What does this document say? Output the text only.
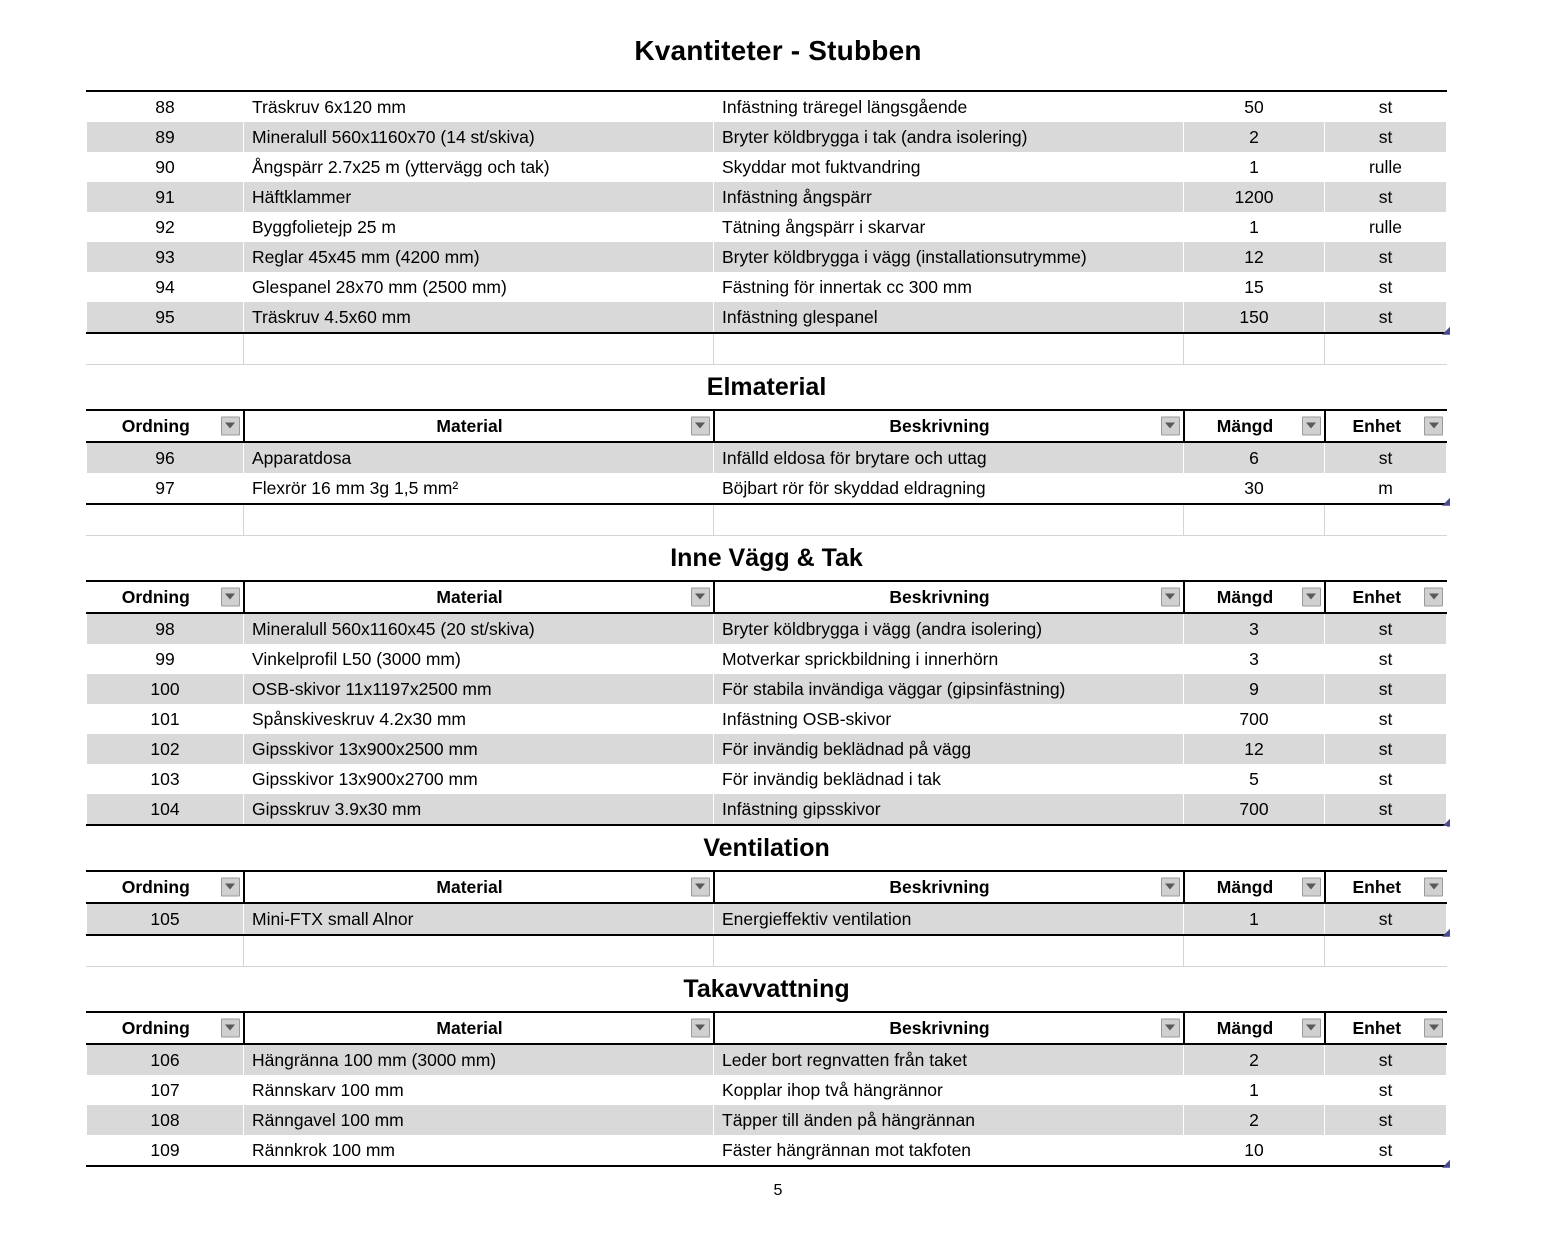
Kvantiteter - Stubben
88	Träskruv 6x120 mm	Infästning träregel längsgående	50	st
89	Mineralull 560x1160x70 (14 st/skiva)	Bryter köldbrygga i tak (andra isolering)	2	st
90	Ångspärr 2.7x25 m (yttervägg och tak)	Skyddar mot fuktvandring	1	rulle
91	Häftklammer	Infästning ångspärr	1200	st
92	Byggfolietejp 25 m	Tätning ångspärr i skarvar	1	rulle
93	Reglar 45x45 mm (4200 mm)	Bryter köldbrygga i vägg (installationsutrymme)	12	st
94	Glespanel 28x70 mm (2500 mm)	Fästning för innertak cc 300 mm	15	st
95	Träskruv 4.5x60 mm	Infästning glespanel	150	st

Elmaterial				
Ordning	Material	Beskrivning	Mängd	Enhet

96	Apparatdosa	Infälld eldosa för brytare och uttag	6	st
97	Flexrör 16 mm 3g 1,5 mm²	Böjbart rör för skyddad eldragning	30	m

Inne Vägg & Tak				
Ordning	Material	Beskrivning	Mängd	Enhet

98	Mineralull 560x1160x45 (20 st/skiva)	Bryter köldbrygga i vägg (andra isolering)	3	st
99	Vinkelprofil L50 (3000 mm)	Motverkar sprickbildning i innerhörn	3	st
100	OSB-skivor 11x1197x2500 mm	För stabila invändiga väggar (gipsinfästning)	9	st
101	Spånskiveskruv 4.2x30 mm	Infästning OSB-skivor	700	st
102	Gipsskivor 13x900x2500 mm	För invändig beklädnad på vägg	12	st
103	Gipsskivor 13x900x2700 mm	För invändig beklädnad i tak	5	st
104	Gipsskruv 3.9x30 mm	Infästning gipsskivor	700	st
Ventilation				
Ordning	Material	Beskrivning	Mängd	Enhet

105	Mini-FTX small Alnor	Energieffektiv ventilation	1	st

Takavvattning				
Ordning	Material	Beskrivning	Mängd	Enhet

106	Hängränna 100 mm (3000 mm)	Leder bort regnvatten från taket	2	st
107	Rännskarv 100 mm	Kopplar ihop två hängrännor	1	st
108	Ränngavel 100 mm	Täpper till änden på hängrännan	2	st
109	Rännkrok 100 mm	Fäster hängrännan mot takfoten	10	st
5
